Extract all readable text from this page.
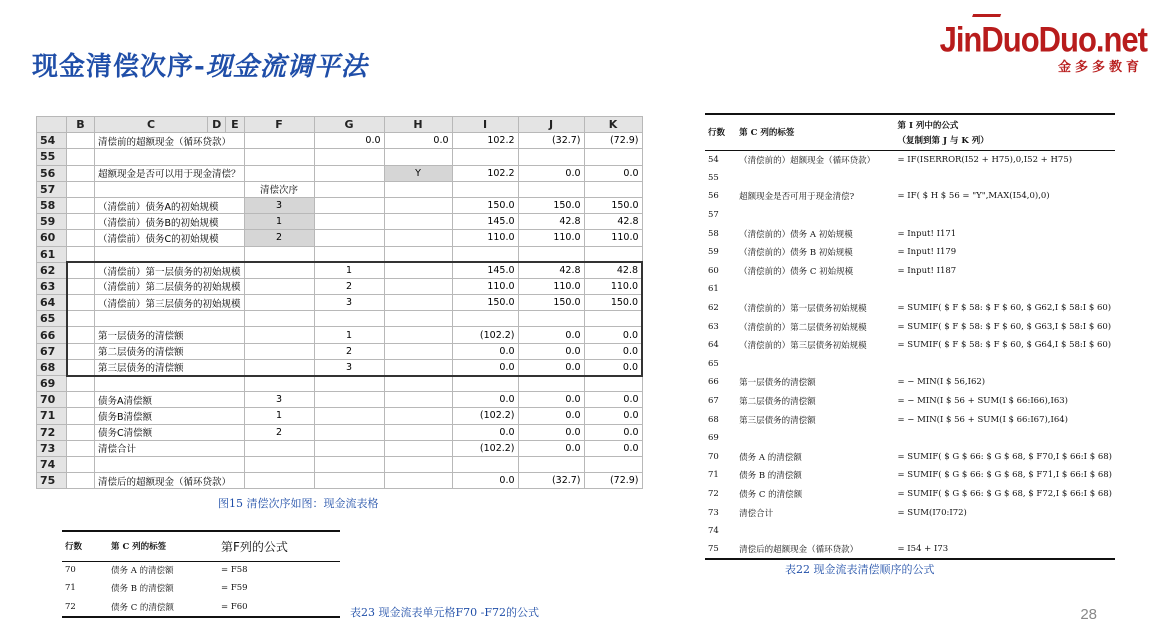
现金清偿次序-现金流调平法
JinDuoDuo.net
金多多教育
	B	C	D	E	F	G	H	I	J	K
54		清偿前的超额现金（循环贷款）				0.0	0.0	102.2	(32.7)	(72.9)
55										
56		超额现金是否可以用于现金清偿？					Y	102.2	0.0	0.0
57					清偿次序					
58		（清偿前）债务A的初始规模			3			150.0	150.0	150.0
59		（清偿前）债务B的初始规模			1			145.0	42.8	42.8
60		（清偿前）债务C的初始规模			2			110.0	110.0	110.0
61										
62		（清偿前）第一层债务的初始规模				1		145.0	42.8	42.8
63		（清偿前）第二层债务的初始规模				2		110.0	110.0	110.0
64		（清偿前）第三层债务的初始规模				3		150.0	150.0	150.0
65										
66		第一层债务的清偿额				1		(102.2)	0.0	0.0
67		第二层债务的清偿额				2		0.0	0.0	0.0
68		第三层债务的清偿额				3		0.0	0.0	0.0
69										
70		债务A清偿额			3			0.0	0.0	0.0
71		债务B清偿额			1			(102.2)	0.0	0.0
72		债务C清偿额			2			0.0	0.0	0.0
73		清偿合计						(102.2)	0.0	0.0
74										
75		清偿后的超额现金（循环贷款）						0.0	(32.7)	(72.9)
图15 清偿次序如图：现金流表格
行数	第 C 列的标签	第F列的公式
70	债务 A 的清偿额	= F58
71	债务 B 的清偿额	= F59
72	债务 C 的清偿额	= F60	表23 现金流表单元格F70 -F72的公式
行数	第 C 列的标签	第 I 列中的公式
（复制到第 J 与 K 列）

54	（清偿前的）超额现金（循环贷款）	= IF(ISERROR(I52 + H75),0,I52 + H75)
55		
56	超额现金是否可用于现金清偿?	= IF( $ H $ 56 = "Y",MAX(I54,0),0)
57		
58	（清偿前的）债务 A 初始规模	= Input! I171
59	（清偿前的）债务 B 初始规模	= Input! I179
60	（清偿前的）债务 C 初始规模	= Input! I187
61		
62	（清偿前的）第一层债务初始规模	= SUMIF( $ F $ 58: $ F $ 60, $ G62,I $ 58:I $ 60)
63	（清偿前的）第二层债务初始规模	= SUMIF( $ F $ 58: $ F $ 60, $ G63,I $ 58:I $ 60)
64	（清偿前的）第三层债务初始规模	= SUMIF( $ F $ 58: $ F $ 60, $ G64,I $ 58:I $ 60)
65		
66	第一层债务的清偿额	= − MIN(I $ 56,I62)
67	第二层债务的清偿额	= − MIN(I $ 56 + SUM(I $ 66:I66),I63)
68	第三层债务的清偿额	= − MIN(I $ 56 + SUM(I $ 66:I67),I64)
69		
70	债务 A 的清偿额	= SUMIF( $ G $ 66: $ G $ 68, $ F70,I $ 66:I $ 68)
71	债务 B 的清偿额	= SUMIF( $ G $ 66: $ G $ 68, $ F71,I $ 66:I $ 68)
72	债务 C 的清偿额	= SUMIF( $ G $ 66: $ G $ 68, $ F72,I $ 66:I $ 68)
73	清偿合计	= SUM(I70:I72)
74		
75	清偿后的超额现金（循环贷款）	= I54 + I73
表22 现金流表清偿顺序的公式
28
